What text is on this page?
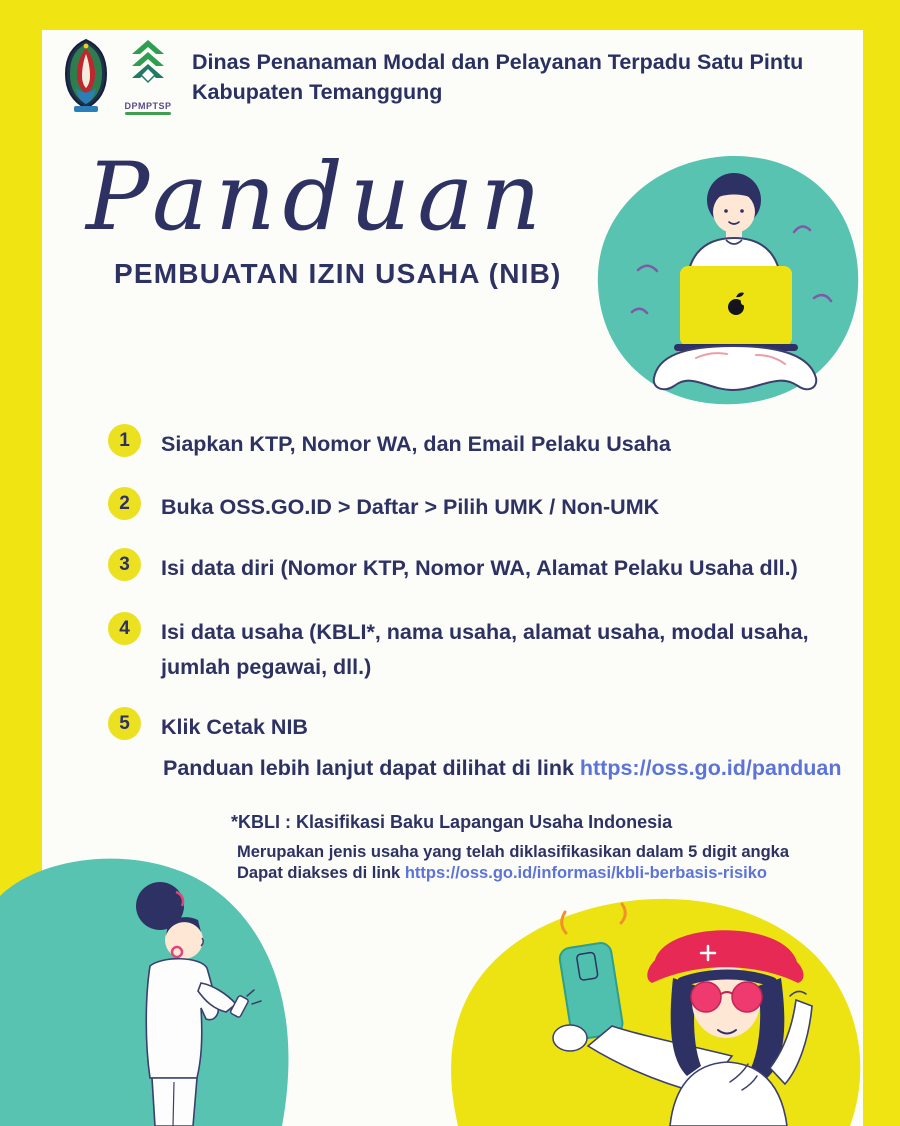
DPMPTSP
Dinas Penanaman Modal dan Pelayanan Terpadu Satu Pintu
Kabupaten Temanggung
Panduan
PEMBUATAN IZIN USAHA (NIB)
1	Siapkan KTP, Nomor WA, dan Email Pelaku Usaha
2	Buka OSS.GO.ID > Daftar > Pilih UMK / Non-UMK
3	Isi data diri (Nomor KTP, Nomor WA, Alamat Pelaku Usaha dll.)
4	Isi data usaha (KBLI*, nama usaha, alamat usaha, modal usaha, jumlah pegawai, dll.)
5	Klik Cetak NIB
Panduan lebih lanjut dapat dilihat di link https://oss.go.id/panduan
*KBLI : Klasifikasi Baku Lapangan Usaha Indonesia
Merupakan jenis usaha yang telah diklasifikasikan dalam 5 digit angka
Dapat diakses di link https://oss.go.id/informasi/kbli-berbasis-risiko
